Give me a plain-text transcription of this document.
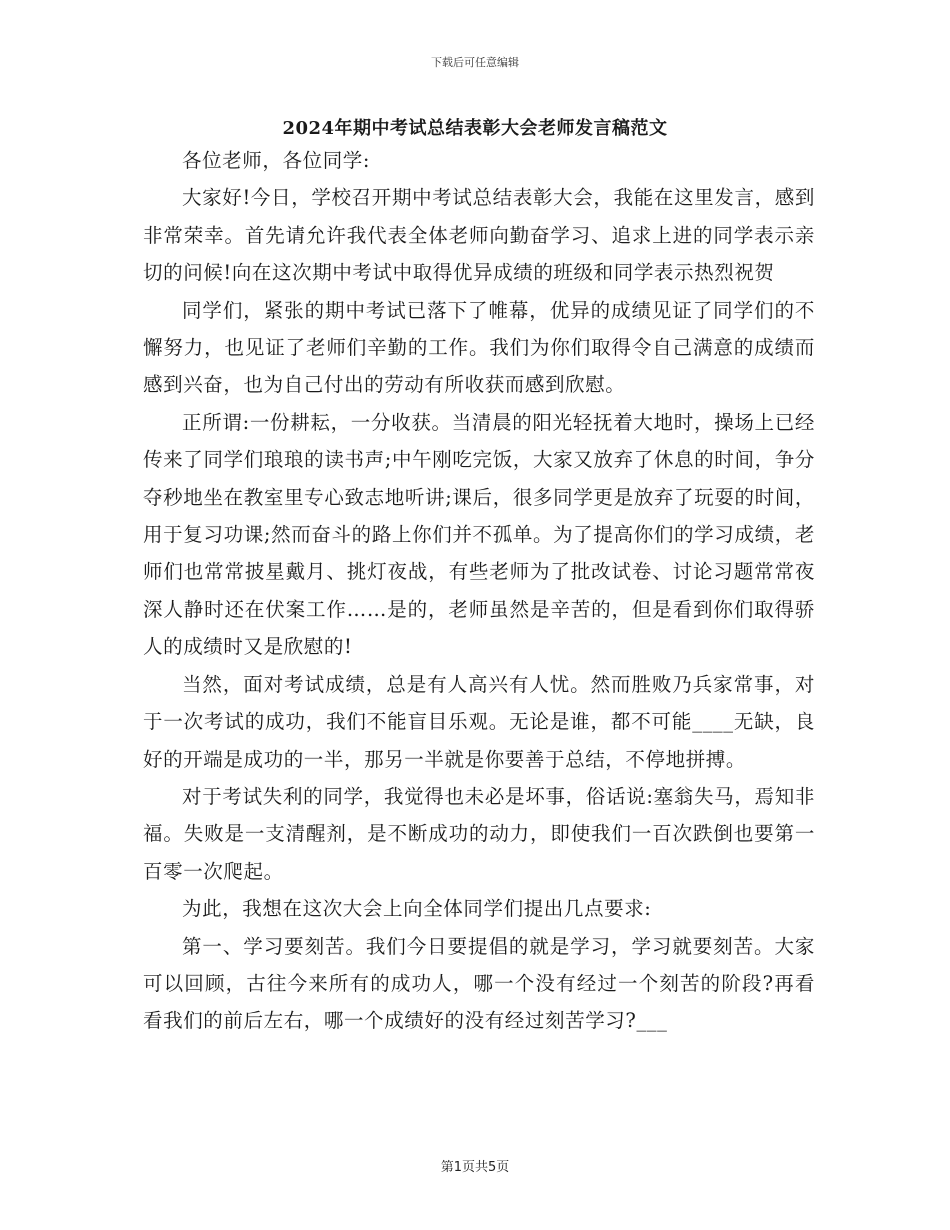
下载后可任意编辑
2024年期中考试总结表彰大会老师发言稿范文

各位老师，各位同学:

大家好!今日，学校召开期中考试总结表彰大会，我能在这里发言，感到非常荣幸。首先请允许我代表全体老师向勤奋学习、追求上进的同学表示亲切的问候!向在这次期中考试中取得优异成绩的班级和同学表示热烈祝贺

同学们，紧张的期中考试已落下了帷幕，优异的成绩见证了同学们的不懈努力，也见证了老师们辛勤的工作。我们为你们取得令自己满意的成绩而感到兴奋，也为自己付出的劳动有所收获而感到欣慰。

正所谓:一份耕耘，一分收获。当清晨的阳光轻抚着大地时，操场上已经传来了同学们琅琅的读书声;中午刚吃完饭，大家又放弃了休息的时间，争分夺秒地坐在教室里专心致志地听讲;课后，很多同学更是放弃了玩耍的时间，用于复习功课;然而奋斗的路上你们并不孤单。为了提高你们的学习成绩，老师们也常常披星戴月、挑灯夜战，有些老师为了批改试卷、讨论习题常常夜深人静时还在伏案工作……是的，老师虽然是辛苦的，但是看到你们取得骄人的成绩时又是欣慰的!

当然，面对考试成绩，总是有人高兴有人忧。然而胜败乃兵家常事，对于一次考试的成功，我们不能盲目乐观。无论是谁，都不可能____无缺，良好的开端是成功的一半，那另一半就是你要善于总结，不停地拼搏。

对于考试失利的同学，我觉得也未必是坏事，俗话说:塞翁失马，焉知非福。失败是一支清醒剂，是不断成功的动力，即使我们一百次跌倒也要第一百零一次爬起。

为此，我想在这次大会上向全体同学们提出几点要求:

第一、学习要刻苦。我们今日要提倡的就是学习，学习就要刻苦。大家可以回顾，古往今来所有的成功人，哪一个没有经过一个刻苦的阶段?再看看我们的前后左右，哪一个成绩好的没有经过刻苦学习?___

第1页共5页
